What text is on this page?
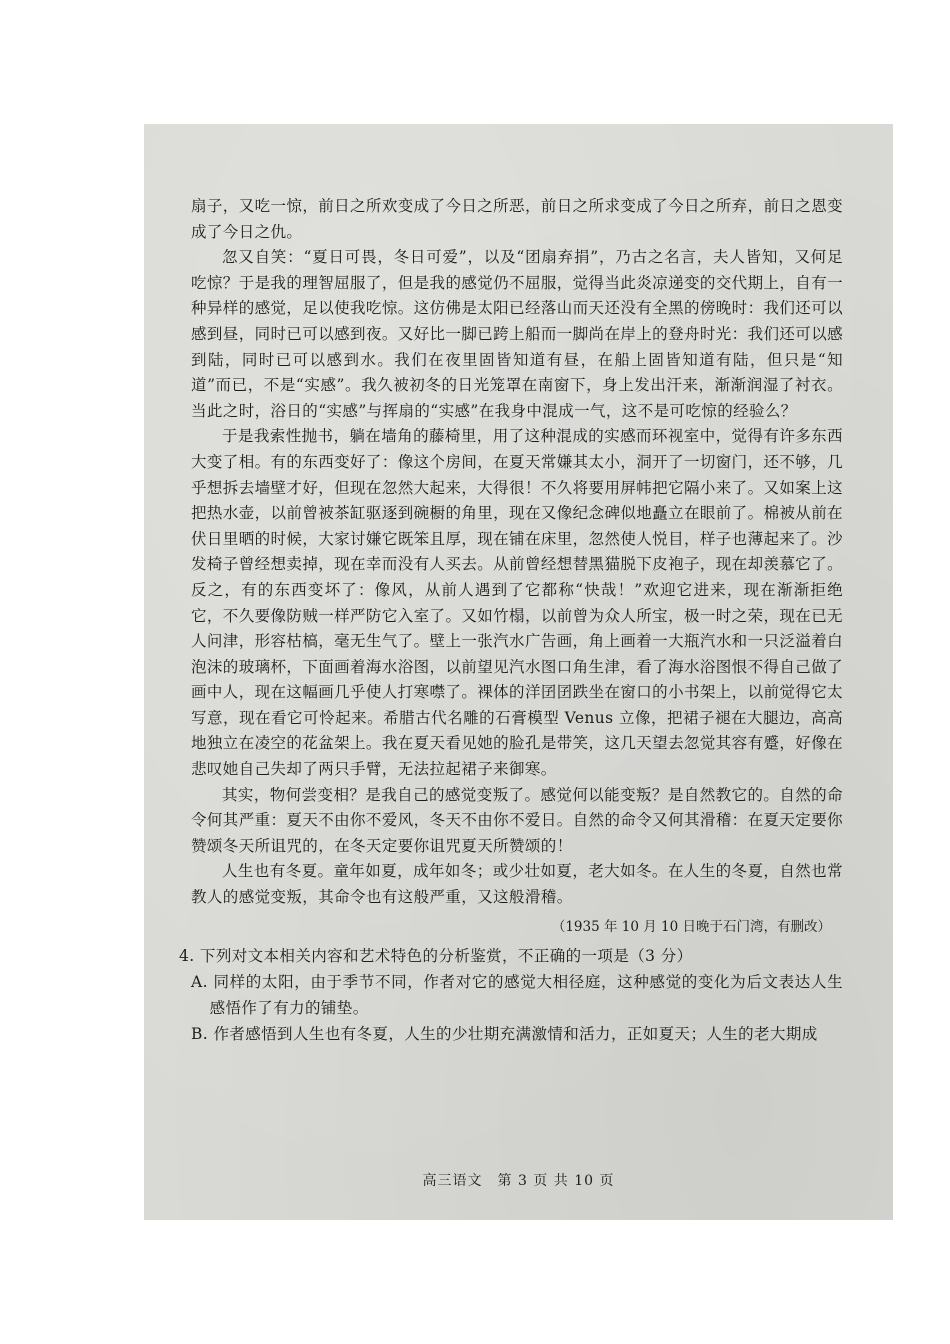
扇子，又吃一惊，前日之所欢变成了今日之所恶，前日之所求变成了今日之所弃，前日之恩变成了今日之仇。

忽又自笑：“夏日可畏，冬日可爱”，以及“团扇弃捐”，乃古之名言，夫人皆知，又何足吃惊？于是我的理智屈服了，但是我的感觉仍不屈服，觉得当此炎凉递变的交代期上，自有一种异样的感觉，足以使我吃惊。这仿佛是太阳已经落山而天还没有全黑的傍晚时：我们还可以感到昼，同时已可以感到夜。又好比一脚已跨上船而一脚尚在岸上的登舟时光：我们还可以感到陆，同时已可以感到水。我们在夜里固皆知道有昼，在船上固皆知道有陆，但只是“知道”而已，不是“实感”。我久被初冬的日光笼罩在南窗下，身上发出汗来，渐渐润湿了衬衣。当此之时，浴日的“实感”与挥扇的“实感”在我身中混成一气，这不是可吃惊的经验么？

于是我索性抛书，躺在墙角的藤椅里，用了这种混成的实感而环视室中，觉得有许多东西大变了相。有的东西变好了：像这个房间，在夏天常嫌其太小，洞开了一切窗门，还不够，几乎想拆去墙壁才好，但现在忽然大起来，大得很！不久将要用屏帏把它隔小来了。又如案上这把热水壶，以前曾被茶缸驱逐到碗橱的角里，现在又像纪念碑似地矗立在眼前了。棉被从前在伏日里晒的时候，大家讨嫌它既笨且厚，现在铺在床里，忽然使人悦目，样子也薄起来了。沙发椅子曾经想卖掉，现在幸而没有人买去。从前曾经想替黑猫脱下皮袍子，现在却羡慕它了。反之，有的东西变坏了：像风，从前人遇到了它都称“快哉！”欢迎它进来，现在渐渐拒绝它，不久要像防贼一样严防它入室了。又如竹榻，以前曾为众人所宝，极一时之荣，现在已无人问津，形容枯槁，毫无生气了。壁上一张汽水广告画，角上画着一大瓶汽水和一只泛溢着白泡沫的玻璃杯，下面画着海水浴图，以前望见汽水图口角生津，看了海水浴图恨不得自己做了画中人，现在这幅画几乎使人打寒噤了。裸体的洋囝囝跌坐在窗口的小书架上，以前觉得它太写意，现在看它可怜起来。希腊古代名雕的石膏模型 Venus 立像，把裙子褪在大腿边，高高地独立在凌空的花盆架上。我在夏天看见她的脸孔是带笑，这几天望去忽觉其容有蹙，好像在悲叹她自己失却了两只手臂，无法拉起裙子来御寒。

其实，物何尝变相？是我自己的感觉变叛了。感觉何以能变叛？是自然教它的。自然的命令何其严重：夏天不由你不爱风，冬天不由你不爱日。自然的命令又何其滑稽：在夏天定要你赞颂冬天所诅咒的，在冬天定要你诅咒夏天所赞颂的！

人生也有冬夏。童年如夏，成年如冬；或少壮如夏，老大如冬。在人生的冬夏，自然也常教人的感觉变叛，其命令也有这般严重，又这般滑稽。

（1935 年 10 月 10 日晚于石门湾，有删改）

4. 下列对文本相关内容和艺术特色的分析鉴赏，不正确的一项是（3 分）

A. 同样的太阳，由于季节不同，作者对它的感觉大相径庭，这种感觉的变化为后文表达人生感悟作了有力的铺垫。

B. 作者感悟到人生也有冬夏，人生的少壮期充满激情和活力，正如夏天；人生的老大期成

高三语文　第 3 页 共 10 页
